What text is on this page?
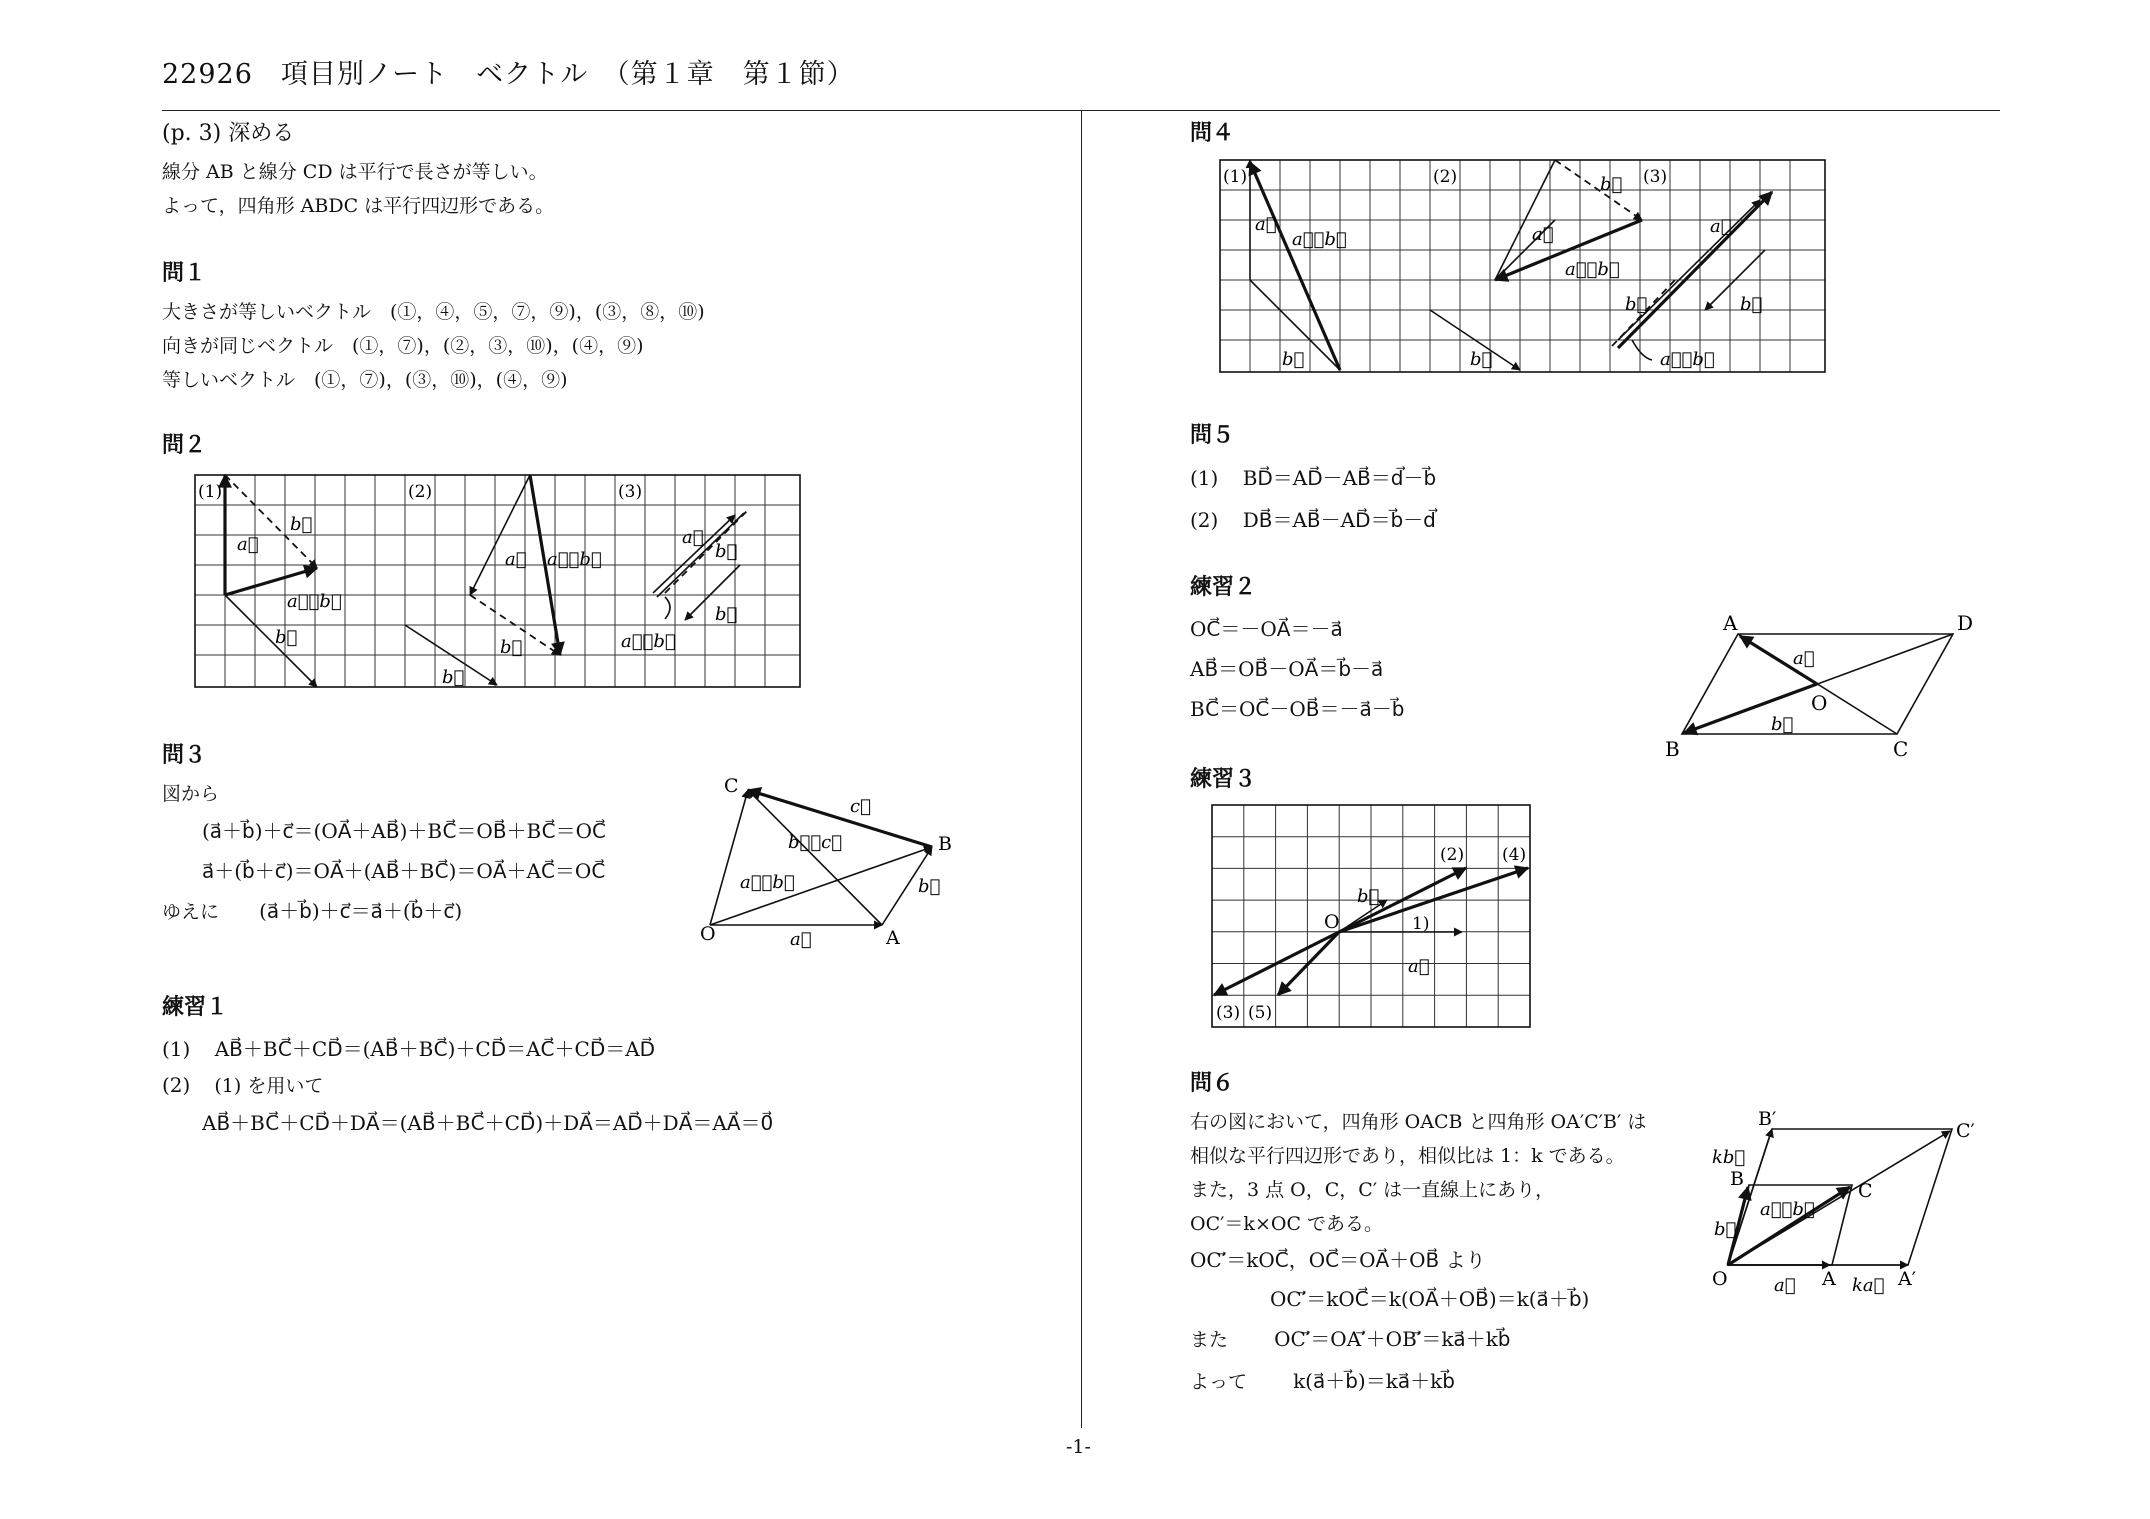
22926　項目別ノート　ベクトル　（第１章　第１節）
-1-
(p. 3) 深める
線分 AB と線分 CD は平行で長さが等しい。
よって，四角形 ABDC は平行四辺形である。
問１
大きさが等しいベクトル　(①，④，⑤，⑦，⑨)，(③，⑧，⑩)
向きが同じベクトル　(①，⑦)，(②，③，⑩)，(④，⑨)
等しいベクトル　(①，⑦)，(③，⑩)，(④，⑨)
問２
(1)	(2)	(3)
a⃗
b⃗
a⃗＋b⃗
b⃗
a⃗ a⃗＋b⃗
b⃗
b⃗
a⃗
b⃗
b⃗
a⃗＋b⃗
問３
図から
(a⃗＋b⃗)＋c⃗＝(OA⃗＋AB⃗)＋BC⃗＝OB⃗＋BC⃗＝OC⃗
a⃗＋(b⃗＋c⃗)＝OA⃗＋(AB⃗＋BC⃗)＝OA⃗＋AC⃗＝OC⃗
ゆえに (a⃗＋b⃗)＋c⃗＝a⃗＋(b⃗＋c⃗)
O	A
B
C
a⃗
b⃗
c⃗
b⃗＋c⃗
a⃗＋b⃗
練習１
(1) AB⃗＋BC⃗＋CD⃗＝(AB⃗＋BC⃗)＋CD⃗＝AC⃗＋CD⃗＝AD⃗
(2) (1) を用いて
AB⃗＋BC⃗＋CD⃗＋DA⃗＝(AB⃗＋BC⃗＋CD⃗)＋DA⃗＝AD⃗＋DA⃗＝AA⃗＝0⃗
問４
(1)	(2)	(3)
a⃗
a⃗－b⃗
b⃗
a⃗
a⃗－b⃗
b⃗
b⃗
a⃗
b⃗	b⃗
a⃗－b⃗
問５
(1) BD⃗＝AD⃗－AB⃗＝d⃗－b⃗
(2) DB⃗＝AB⃗－AD⃗＝b⃗－d⃗
練習２
OC⃗＝－OA⃗＝－a⃗
AB⃗＝OB⃗－OA⃗＝b⃗－a⃗
BC⃗＝OC⃗－OB⃗＝－a⃗－b⃗
A	D
B	C
O
a⃗
b⃗
練習３
O
b⃗
a⃗
1)
(2) (4)
(3) (5)
問６
右の図において，四角形 OACB と四角形 OA′C′B′ は
相似な平行四辺形であり，相似比は 1：k である。
また，3 点 O，C，C′ は一直線上にあり，
OC′＝k×OC である。
OC′⃗＝kOC⃗，OC⃗＝OA⃗＋OB⃗ より
OC′⃗＝kOC⃗＝k(OA⃗＋OB⃗)＝k(a⃗＋b⃗)
また OC′⃗＝OA′⃗＋OB′⃗＝ka⃗＋kb⃗
よって k(a⃗＋b⃗)＝ka⃗＋kb⃗
O	A	A′
B
B′
C
C′
a⃗	ka⃗
b⃗
kb⃗
a⃗＋b⃗
